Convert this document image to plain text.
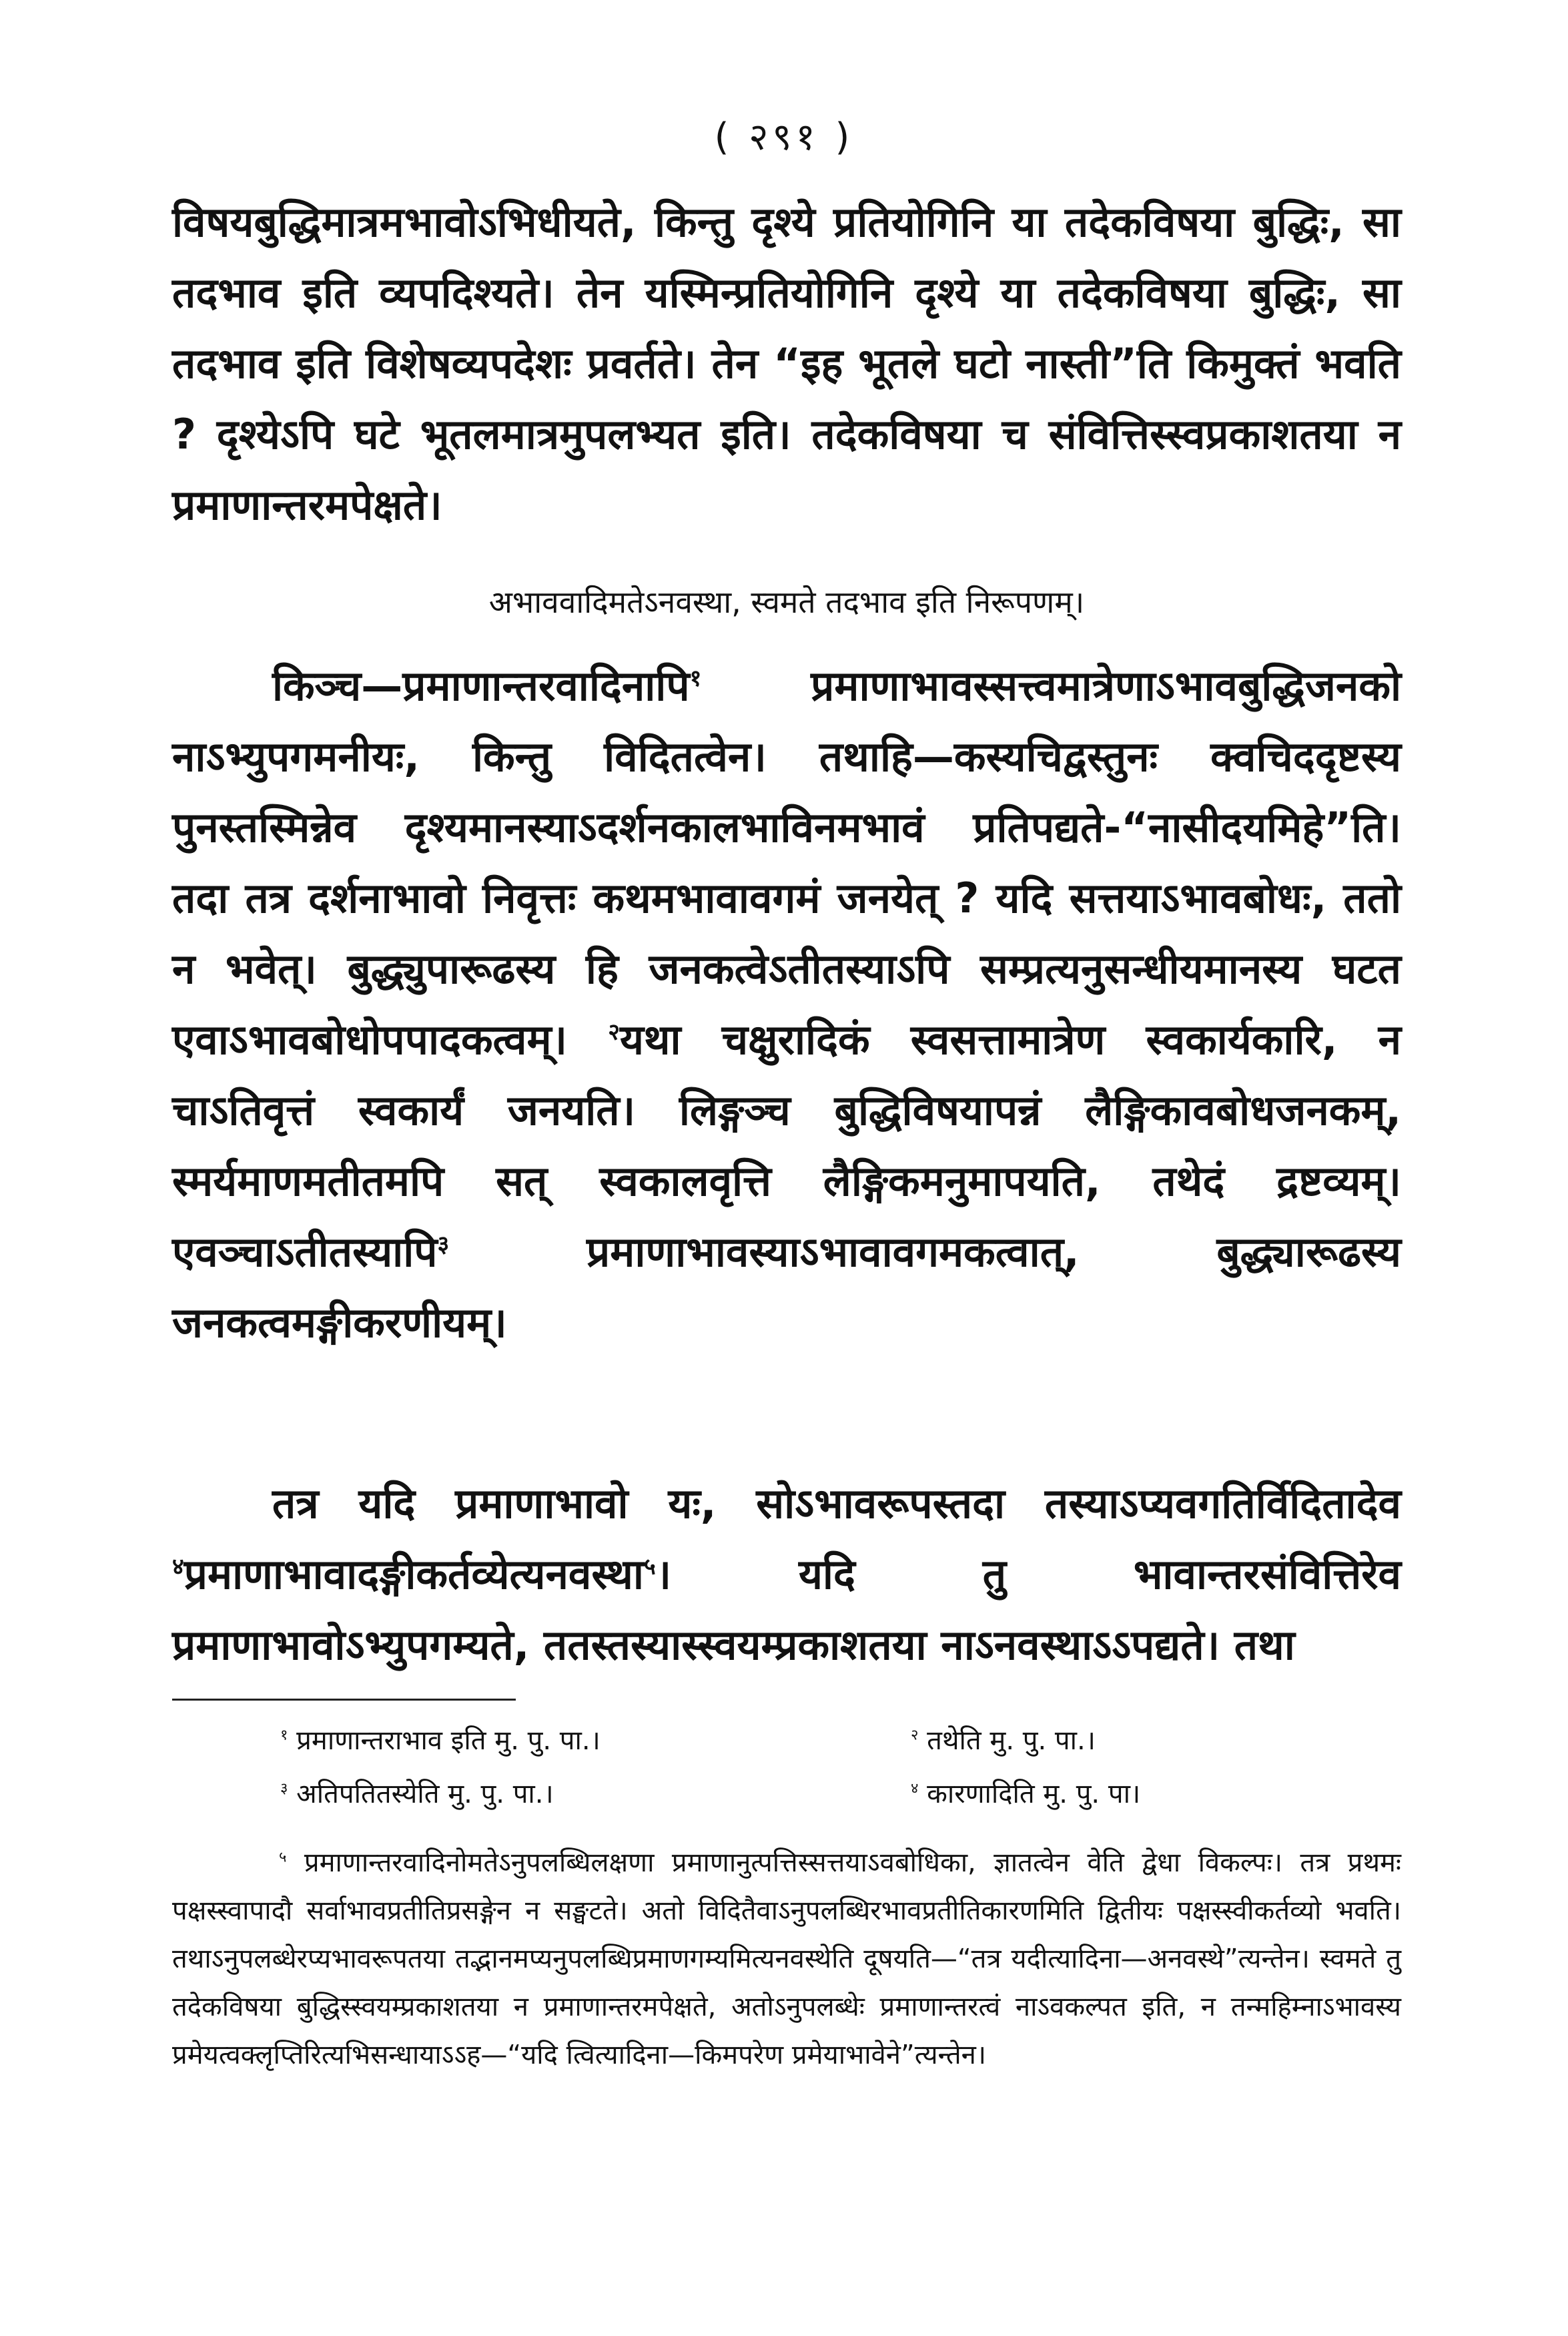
( २९१ )

विषयबुद्धिमात्रमभावोऽभिधीयते, किन्तु दृश्ये प्रतियोगिनि या तदेकविषया बुद्धिः, सा तदभाव इति व्यपदिश्यते। तेन यस्मिन्प्रतियोगिनि दृश्ये या तदेकविषया बुद्धिः, सा तदभाव इति विशेषव्यपदेशः प्रवर्तते। तेन “इह भूतले घटो नास्ती”ति किमुक्तं भवति ? दृश्येऽपि घटे भूतलमात्रमुपलभ्यत इति। तदेकविषया च संवित्तिस्स्वप्रकाशतया न प्रमाणान्तरमपेक्षते।

अभाववादिमतेऽनवस्था, स्वमते तदभाव इति निरूपणम्।

किञ्च—प्रमाणान्तरवादिनापि$^१$ प्रमाणाभावस्सत्त्वमात्रेणाऽभावबुद्धिजनको नाऽभ्युपगमनीयः, किन्तु विदितत्वेन। तथाहि—कस्यचिद्वस्तुनः क्वचिददृष्टस्य पुनस्तस्मिन्नेव दृश्यमानस्याऽदर्शनकालभाविनमभावं प्रतिपद्यते-“नासीदयमिहे”ति। तदा तत्र दर्शनाभावो निवृत्तः कथमभावावगमं जनयेत् ? यदि सत्तयाऽभावबोधः, ततो न भवेत्। बुद्ध्युपारूढस्य हि जनकत्वेऽतीतस्याऽपि सम्प्रत्यनुसन्धीयमानस्य घटत एवाऽभावबोधोपपादकत्वम्। $^२$यथा चक्षुरादिकं स्वसत्तामात्रेण स्वकार्यकारि, न चाऽतिवृत्तं स्वकार्यं जनयति। लिङ्गञ्च बुद्धिविषयापन्नं लैङ्गिकावबोधजनकम्, स्मर्यमाणमतीतमपि सत् स्वकालवृत्ति लैङ्गिकमनुमापयति, तथेदं द्रष्टव्यम्। एवञ्चाऽतीतस्यापि$^३$ प्रमाणाभावस्याऽभावावगमकत्वात्, बुद्ध्यारूढस्य जनकत्वमङ्गीकरणीयम्।

तत्र यदि प्रमाणाभावो यः, सोऽभावरूपस्तदा तस्याऽप्यवगतिर्विदितादेव $^४$प्रमाणाभावादङ्गीकर्तव्येत्यनवस्था$^५$। यदि तु भावान्तरसंवित्तिरेव प्रमाणाभावोऽभ्युपगम्यते, ततस्तस्यास्स्वयम्प्रकाशतया नाऽनवस्थाऽऽपद्यते। तथा

$^१$ प्रमाणान्तराभाव इति मु. पु. पा.।	$^२$ तथेति मु. पु. पा.।

$^३$ अतिपतितस्येति मु. पु. पा.।	$^४$ कारणादिति मु. पु. पा।

$^५$ प्रमाणान्तरवादिनोमतेऽनुपलब्धिलक्षणा प्रमाणानुत्पत्तिस्सत्तयाऽवबोधिका, ज्ञातत्वेन वेति द्वेधा विकल्पः। तत्र प्रथमः पक्षस्स्वापादौ सर्वाभावप्रतीतिप्रसङ्गेन न सङ्घटते। अतो विदितैवाऽनुपलब्धिरभावप्रतीतिकारणमिति द्वितीयः पक्षस्स्वीकर्तव्यो भवति। तथाऽनुपलब्धेरप्यभावरूपतया तद्भानमप्यनुपलब्धिप्रमाणगम्यमित्यनवस्थेति दूषयति—“तत्र यदीत्यादिना—अनवस्थे”त्यन्तेन। स्वमते तु तदेकविषया बुद्धिस्स्वयम्प्रकाशतया न प्रमाणान्तरमपेक्षते, अतोऽनुपलब्धेः प्रमाणान्तरत्वं नाऽवकल्पत इति, न तन्महिम्नाऽभावस्य प्रमेयत्वक्लृप्तिरित्यभिसन्धायाऽऽह—“यदि त्वित्यादिना—किमपरेण प्रमेयाभावेने”त्यन्तेन।
